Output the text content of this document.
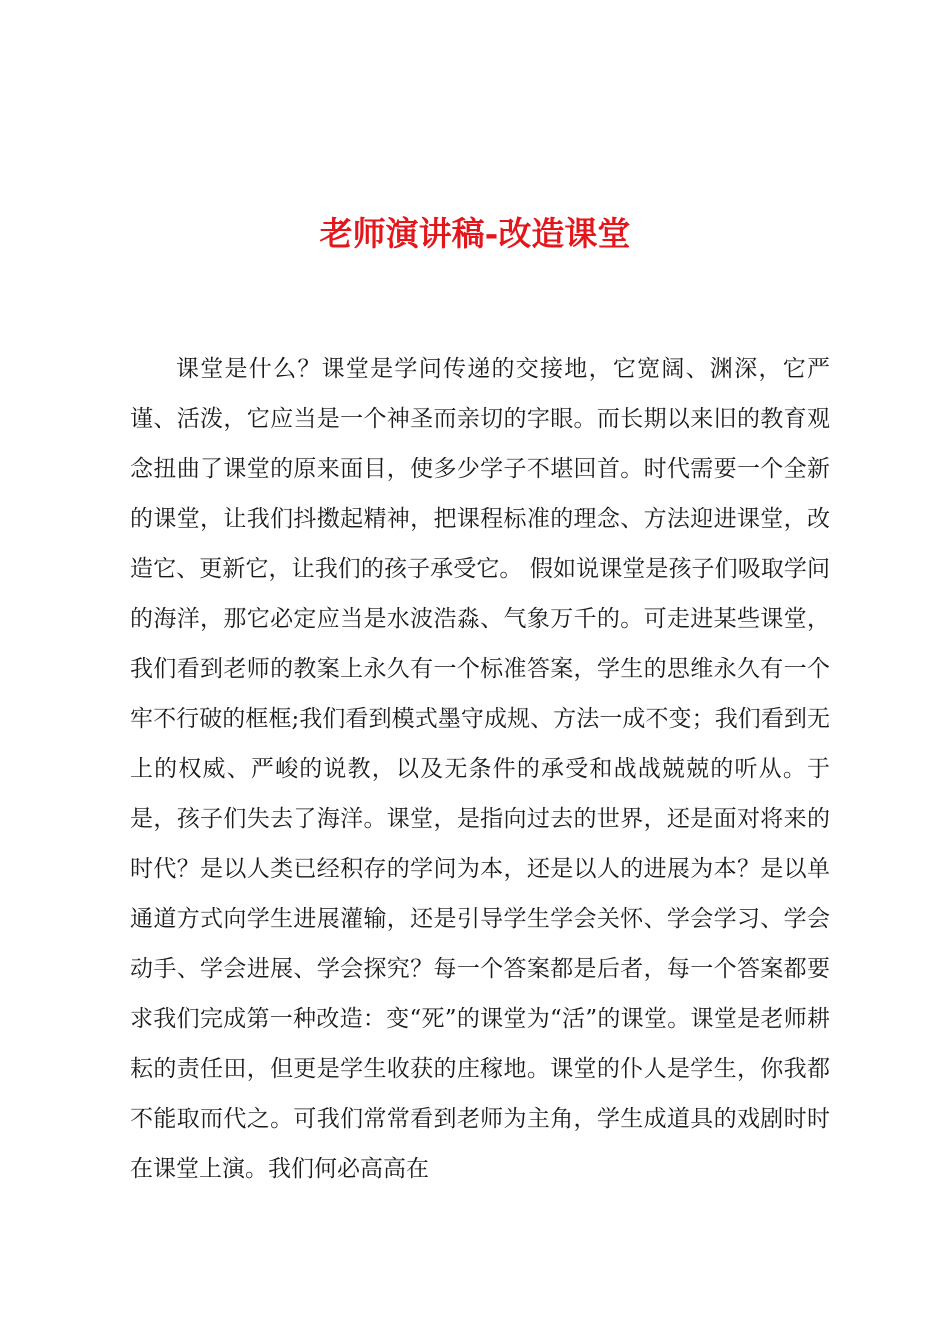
老师演讲稿-改造课堂

课堂是什么？课堂是学问传递的交接地，它宽阔、渊深，它严谨、活泼，它应当是一个神圣而亲切的字眼。而长期以来旧的教育观念扭曲了课堂的原来面目，使多少学子不堪回首。时代需要一个全新的课堂，让我们抖擞起精神，把课程标准的理念、方法迎进课堂，改造它、更新它，让我们的孩子承受它。 假如说课堂是孩子们吸取学问的海洋，那它必定应当是水波浩淼、气象万千的。可走进某些课堂，我们看到老师的教案上永久有一个标准答案，学生的思维永久有一个牢不行破的框框;我们看到模式墨守成规、方法一成不变；我们看到无上的权威、严峻的说教，以及无条件的承受和战战兢兢的听从。于是，孩子们失去了海洋。课堂，是指向过去的世界，还是面对将来的时代？是以人类已经积存的学问为本，还是以人的进展为本？是以单通道方式向学生进展灌输，还是引导学生学会关怀、学会学习、学会动手、学会进展、学会探究？每一个答案都是后者，每一个答案都要求我们完成第一种改造：变“死”的课堂为“活”的课堂。课堂是老师耕耘的责任田，但更是学生收获的庄稼地。课堂的仆人是学生，你我都不能取而代之。可我们常常看到老师为主角，学生成道具的戏剧时时在课堂上演。我们何必高高在
